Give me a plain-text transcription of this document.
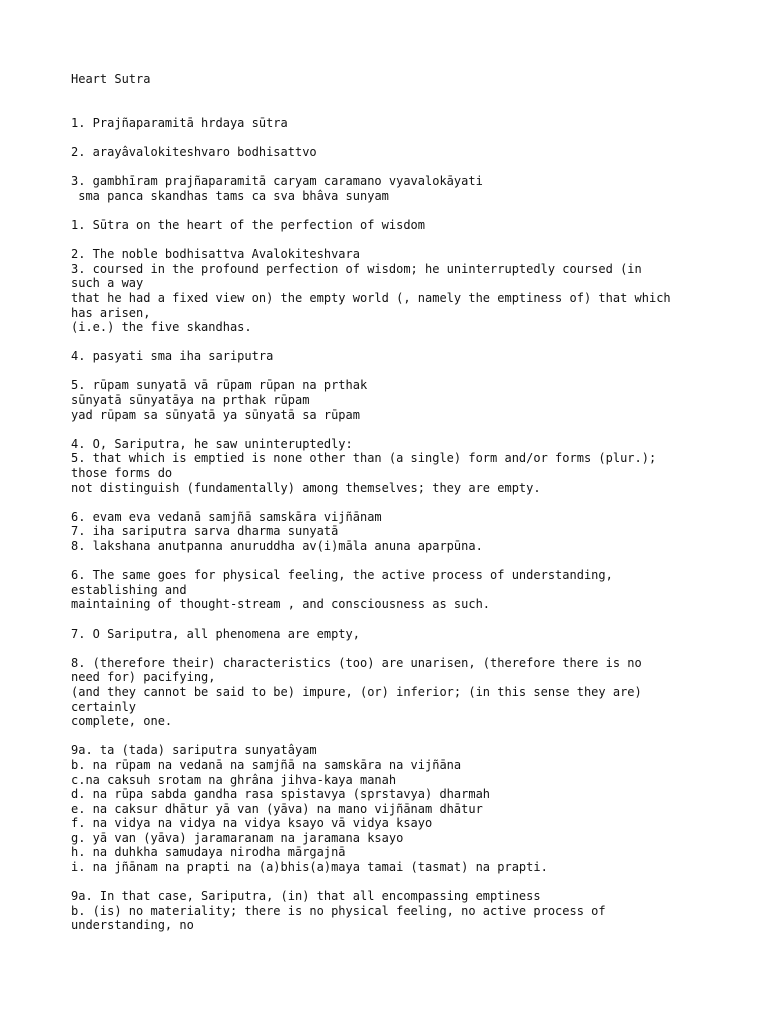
Heart Sutra
1. Prajñaparamitā hrdaya sūtra
2. arayâvalokiteshvaro bodhisattvo
3. gambhīram prajñaparamitā caryam caramano vyavalokāyati
sma panca skandhas tams ca sva bhâva sunyam
1. Sūtra on the heart of the perfection of wisdom
2. The noble bodhisattva Avalokiteshvara
3. coursed in the profound perfection of wisdom; he uninterruptedly coursed (in
such a way
that he had a fixed view on) the empty world (, namely the emptiness of) that which
has arisen,
(i.e.) the five skandhas.
4. pasyati sma iha sariputra
5. rūpam sunyatā vā rūpam rūpan na prthak
sūnyatā sūnyatāya na prthak rūpam
yad rūpam sa sūnyatā ya sūnyatā sa rūpam
4. O, Sariputra, he saw uninteruptedly:
5. that which is emptied is none other than (a single) form and/or forms (plur.);
those forms do
not distinguish (fundamentally) among themselves; they are empty.
6. evam eva vedanā samjñā samskāra vijñānam
7. iha sariputra sarva dharma sunyatā
8. lakshana anutpanna anuruddha av(i)māla anuna aparpūna.
6. The same goes for physical feeling, the active process of understanding,
establishing and
maintaining of thought-stream , and consciousness as such.
7. O Sariputra, all phenomena are empty,
8. (therefore their) characteristics (too) are unarisen, (therefore there is no
need for) pacifying,
(and they cannot be said to be) impure, (or) inferior; (in this sense they are)
certainly
complete, one.
9a. ta (tada) sariputra sunyatâyam
b. na rūpam na vedanā na samjñā na samskāra na vijñāna
c.na caksuh srotam na ghrâna jihva-kaya manah
d. na rūpa sabda gandha rasa spistavya (sprstavya) dharmah
e. na caksur dhātur yā van (yāva) na mano vijñānam dhātur
f. na vidya na vidya na vidya ksayo vā vidya ksayo
g. yā van (yāva) jaramaranam na jaramana ksayo
h. na duhkha samudaya nirodha mārgajnā
i. na jñānam na prapti na (a)bhis(a)maya tamai (tasmat) na prapti.
9a. In that case, Sariputra, (in) that all encompassing emptiness
b. (is) no materiality; there is no physical feeling, no active process of
understanding, no
